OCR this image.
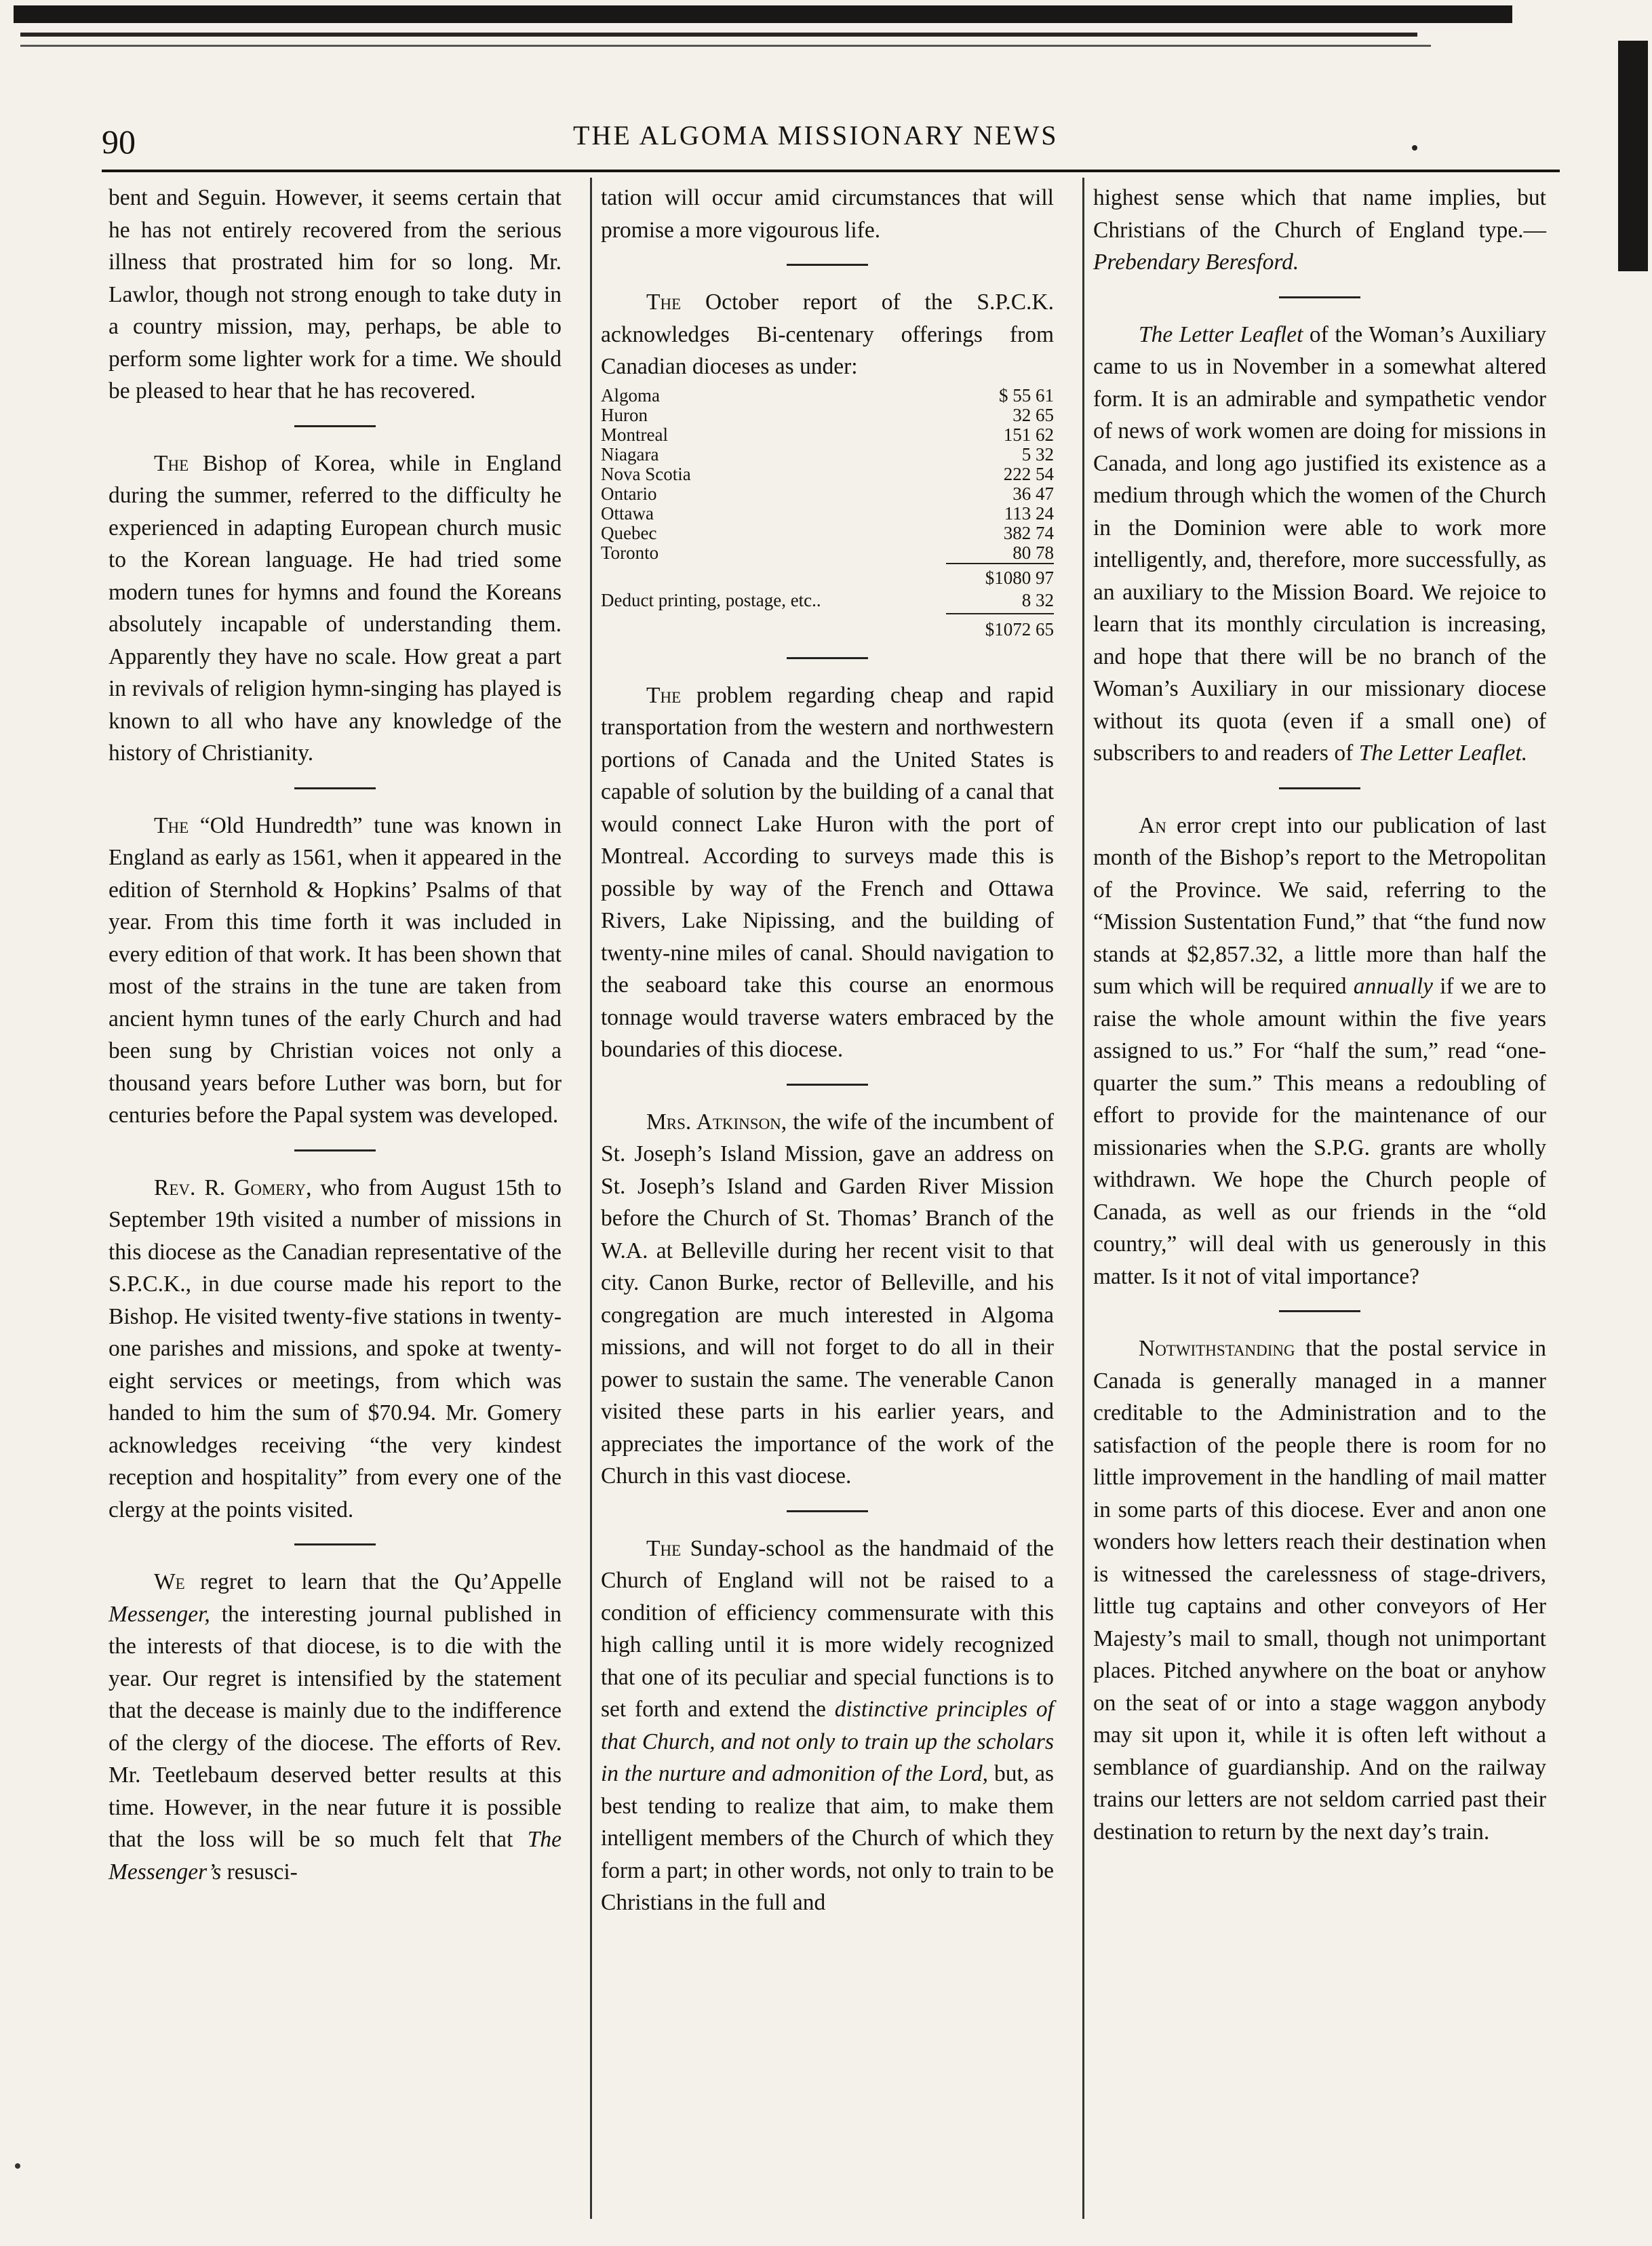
90	THE ALGOMA MISSIONARY NEWS

bent and Seguin. However, it seems certain that he has not entirely recovered from the serious illness that prostrated him for so long. Mr. Lawlor, though not strong enough to take duty in a country mission, may, perhaps, be able to perform some lighter work for a time. We should be pleased to hear that he has recovered.

The Bishop of Korea, while in England during the summer, referred to the difficulty he experienced in adapting European church music to the Korean language. He had tried some modern tunes for hymns and found the Koreans absolutely incapable of understanding them. Apparently they have no scale. How great a part in revivals of religion hymn-singing has played is known to all who have any knowledge of the history of Christianity.

The “Old Hundredth” tune was known in England as early as 1561, when it appeared in the edition of Sternhold & Hopkins’ Psalms of that year. From this time forth it was included in every edition of that work. It has been shown that most of the strains in the tune are taken from ancient hymn tunes of the early Church and had been sung by Christian voices not only a thousand years before Luther was born, but for centuries before the Papal system was developed.

Rev. R. Gomery, who from August 15th to September 19th visited a number of missions in this diocese as the Canadian representative of the S.P.C.K., in due course made his report to the Bishop. He visited twenty-five stations in twenty-one parishes and missions, and spoke at twenty-eight services or meetings, from which was handed to him the sum of $70.94. Mr. Gomery acknowledges receiving “the very kindest reception and hospitality” from every one of the clergy at the points visited.

We regret to learn that the Qu’Appelle Messenger, the interesting journal published in the interests of that diocese, is to die with the year. Our regret is intensified by the statement that the decease is mainly due to the indifference of the clergy of the diocese. The efforts of Rev. Mr. Teetlebaum deserved better results at this time. However, in the near future it is possible that the loss will be so much felt that The Messenger’s resusci-

tation will occur amid circumstances that will promise a more vigourous life.

The October report of the S.P.C.K. acknowledges Bi-centenary offerings from Canadian dioceses as under:

Algoma	$ 55 61
Huron	32 65
Montreal	151 62
Niagara	5 32
Nova Scotia	222 54
Ontario	36 47
Ottawa	113 24
Quebec	382 74
Toronto	80 78
	$1080 97
Deduct printing, postage, etc..	8 32
	$1072 65

The problem regarding cheap and rapid transportation from the western and northwestern portions of Canada and the United States is capable of solution by the building of a canal that would connect Lake Huron with the port of Montreal. According to surveys made this is possible by way of the French and Ottawa Rivers, Lake Nipissing, and the building of twenty-nine miles of canal. Should navigation to the seaboard take this course an enormous tonnage would traverse waters embraced by the boundaries of this diocese.

Mrs. Atkinson, the wife of the incumbent of St. Joseph’s Island Mission, gave an address on St. Joseph’s Island and Garden River Mission before the Church of St. Thomas’ Branch of the W.A. at Belleville during her recent visit to that city. Canon Burke, rector of Belleville, and his congregation are much interested in Algoma missions, and will not forget to do all in their power to sustain the same. The venerable Canon visited these parts in his earlier years, and appreciates the importance of the work of the Church in this vast diocese.

The Sunday-school as the handmaid of the Church of England will not be raised to a condition of efficiency commensurate with this high calling until it is more widely recognized that one of its peculiar and special functions is to set forth and extend the distinctive principles of that Church, and not only to train up the scholars in the nurture and admonition of the Lord, but, as best tending to realize that aim, to make them intelligent members of the Church of which they form a part; in other words, not only to train to be Christians in the full and

highest sense which that name implies, but Christians of the Church of England type.—Prebendary Beresford.

The Letter Leaflet of the Woman’s Auxiliary came to us in November in a somewhat altered form. It is an admirable and sympathetic vendor of news of work women are doing for missions in Canada, and long ago justified its existence as a medium through which the women of the Church in the Dominion were able to work more intelligently, and, therefore, more successfully, as an auxiliary to the Mission Board. We rejoice to learn that its monthly circulation is increasing, and hope that there will be no branch of the Woman’s Auxiliary in our missionary diocese without its quota (even if a small one) of subscribers to and readers of The Letter Leaflet.

An error crept into our publication of last month of the Bishop’s report to the Metropolitan of the Province. We said, referring to the “Mission Sustentation Fund,” that “the fund now stands at $2,857.32, a little more than half the sum which will be required annually if we are to raise the whole amount within the five years assigned to us.” For “half the sum,” read “one-quarter the sum.” This means a redoubling of effort to provide for the maintenance of our missionaries when the S.P.G. grants are wholly withdrawn. We hope the Church people of Canada, as well as our friends in the “old country,” will deal with us generously in this matter. Is it not of vital importance?

Notwithstanding that the postal service in Canada is generally managed in a manner creditable to the Administration and to the satisfaction of the people there is room for no little improvement in the handling of mail matter in some parts of this diocese. Ever and anon one wonders how letters reach their destination when is witnessed the carelessness of stage-drivers, little tug captains and other conveyors of Her Majesty’s mail to small, though not unimportant places. Pitched anywhere on the boat or anyhow on the seat of or into a stage waggon anybody may sit upon it, while it is often left without a semblance of guardianship. And on the railway trains our letters are not seldom carried past their destination to return by the next day’s train.
